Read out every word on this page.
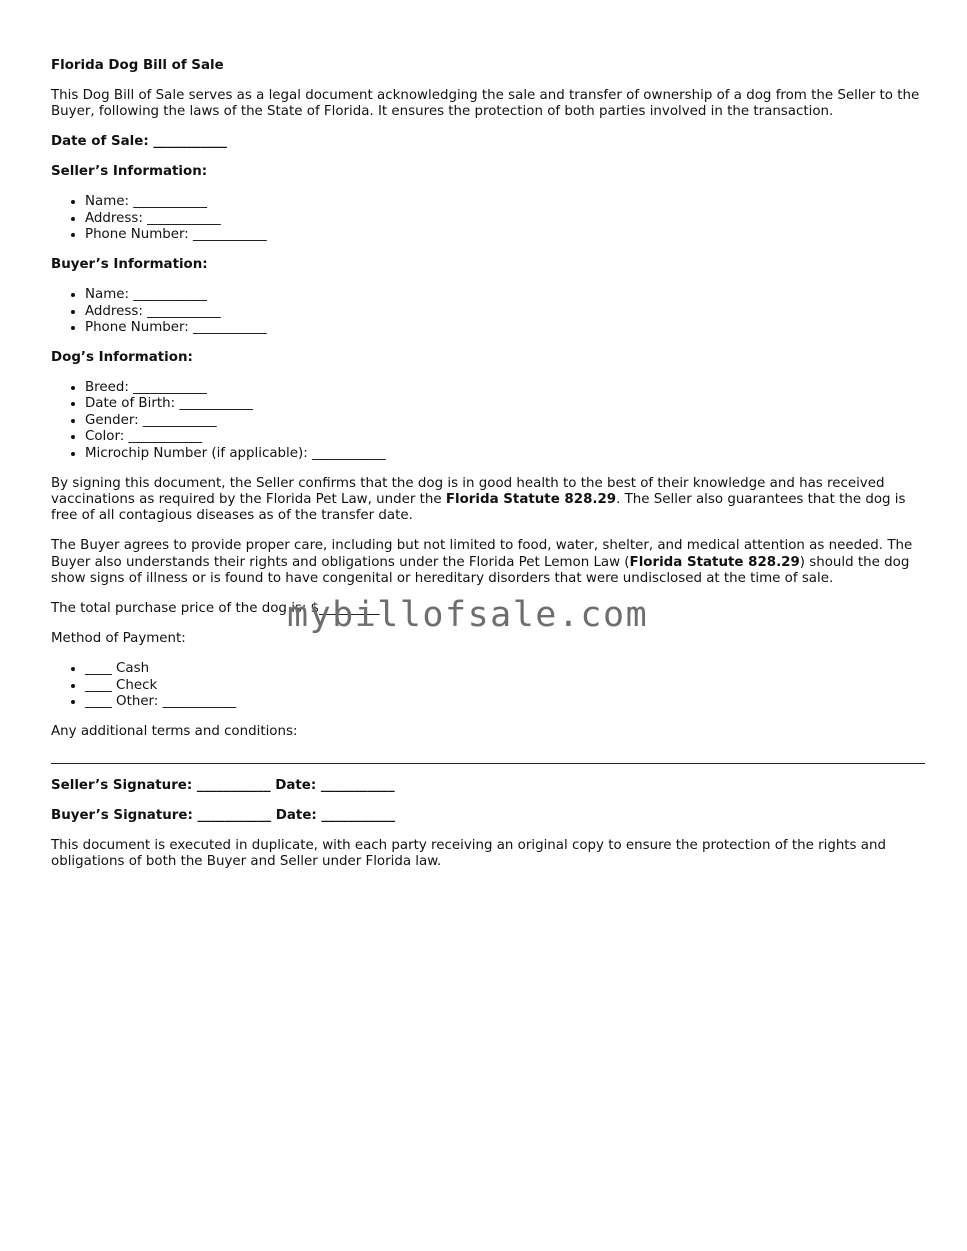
Florida Dog Bill of Sale

This Dog Bill of Sale serves as a legal document acknowledging the sale and transfer of ownership of a dog from the Seller to the Buyer, following the laws of the State of Florida. It ensures the protection of both parties involved in the transaction.

Date of Sale: ___________

Seller’s Information:

• Name: ___________
• Address: ___________
• Phone Number: ___________

Buyer’s Information:

• Name: ___________
• Address: ___________
• Phone Number: ___________

Dog’s Information:

• Breed: ___________
• Date of Birth: ___________
• Gender: ___________
• Color: ___________
• Microchip Number (if applicable): ___________

By signing this document, the Seller confirms that the dog is in good health to the best of their knowledge and has received vaccinations as required by the Florida Pet Law, under the Florida Statute 828.29. The Seller also guarantees that the dog is free of all contagious diseases as of the transfer date.

The Buyer agrees to provide proper care, including but not limited to food, water, shelter, and medical attention as needed. The Buyer also understands their rights and obligations under the Florida Pet Lemon Law (Florida Statute 828.29) should the dog show signs of illness or is found to have congenital or hereditary disorders that were undisclosed at the time of sale.

The total purchase price of the dog is: $_________

Method of Payment:

• ____ Cash
• ____ Check
• ____ Other: ___________

Any additional terms and conditions:

Seller’s Signature: ___________ Date: ___________

Buyer’s Signature: ___________ Date: ___________

This document is executed in duplicate, with each party receiving an original copy to ensure the protection of the rights and obligations of both the Buyer and Seller under Florida law.

mybillofsale.com
